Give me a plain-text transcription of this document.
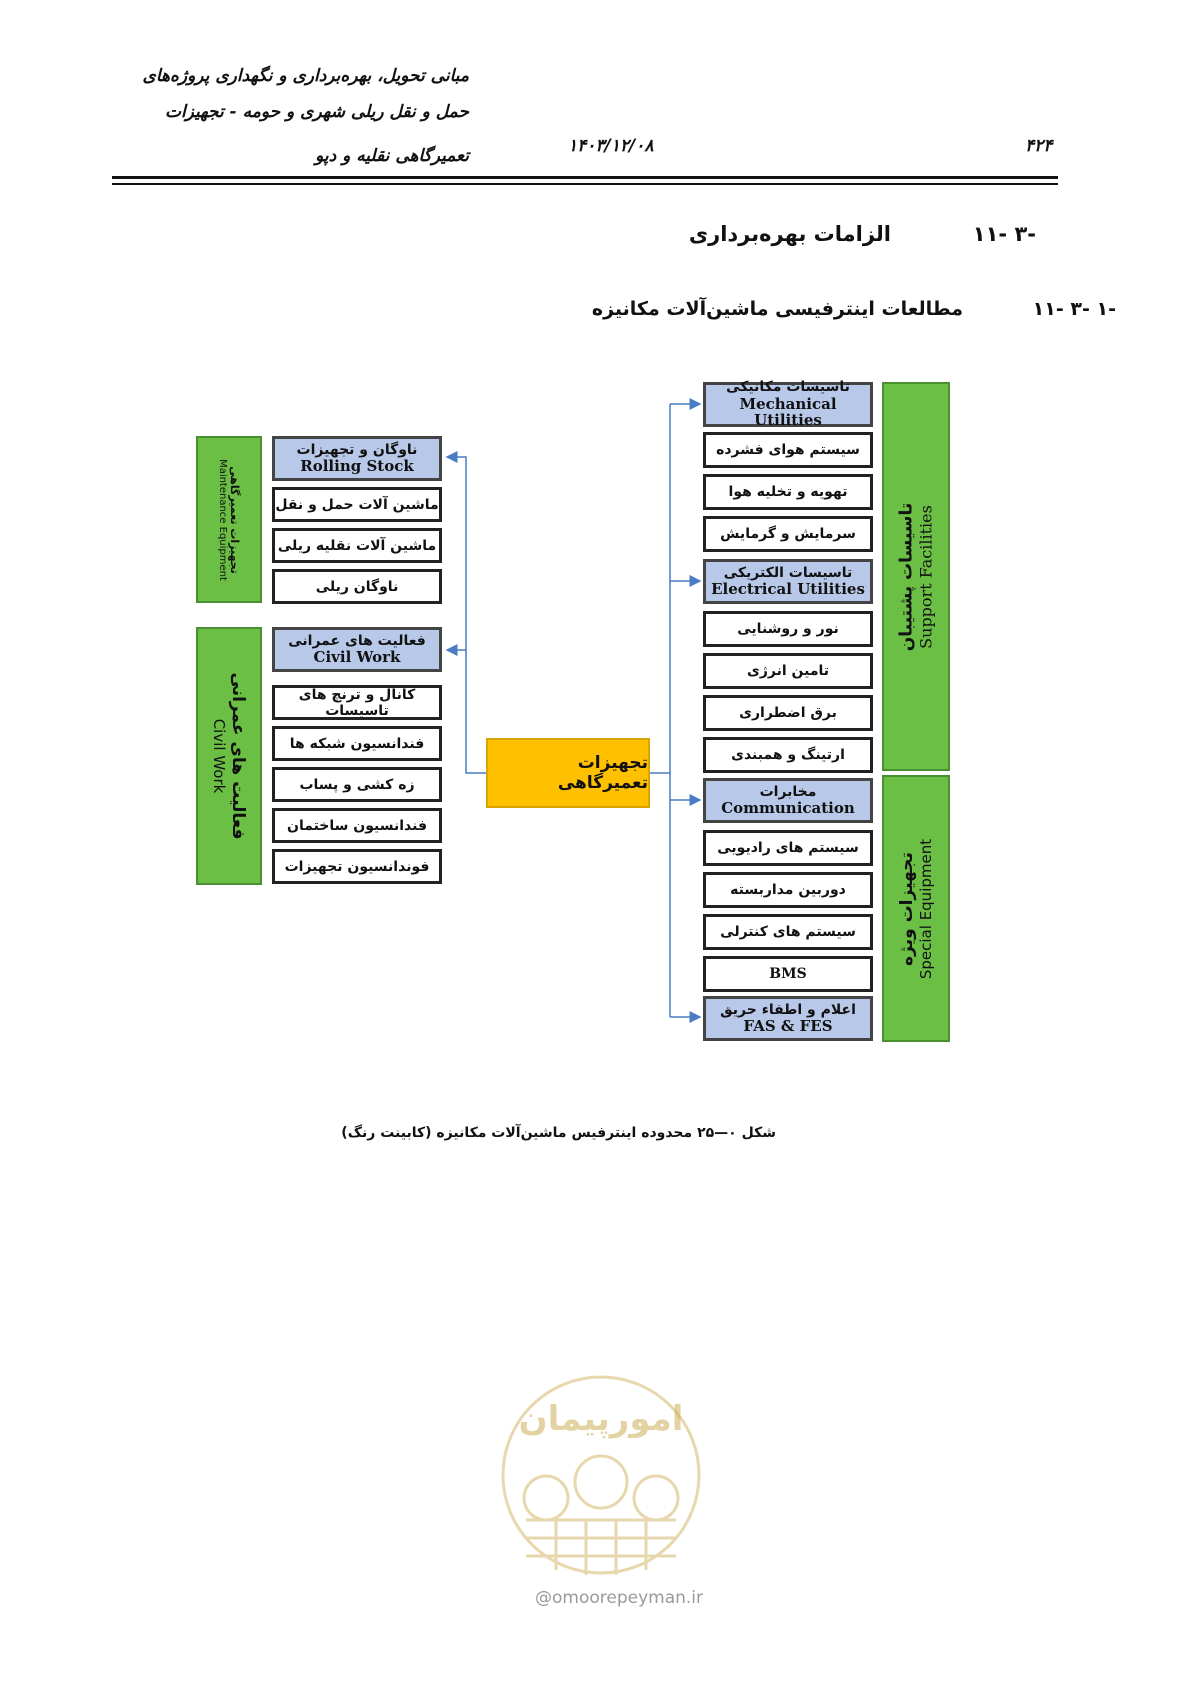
مبانی تحویل، بهره‌برداری و نگهداری پروژه‌های
حمل و نقل ریلی شهری و حومه - تجهیزات
تعمیرگاهی نقلیه و دپو	۱۴۰۳/۱۲/۰۸	۴۲۴
-۳ -۱۱
الزامات بهره‌برداری
-۱ -۳ -۱۱
مطالعات اینترفیسی ماشین‌آلات مکانیزه
تجهیزات تعمیرگاهی
Maintenance Equipment
فعالیت های عمرانی
Civil Work
ناوگان و تجهیزات
Rolling Stock
ماشین آلات حمل و نقل
ماشین آلات نقلیه ریلی
ناوگان ریلی
فعالیت های عمرانی
Civil Work
کانال و ترنچ های تاسیسات
فندانسیون شبکه ها
زه کشی و پساب
فندانسیون ساختمان
فوندانسیون تجهیزات
تجهیزات تعمیرگاهی
تاسیسات مکانیکی
Mechanical Utilities
سیستم هوای فشرده
تهویه و تخلیه هوا
سرمایش و گرمایش
تاسیسات الکتریکی
Electrical Utilities
نور و روشنایی
تامین انرژی
برق اضطراری
ارتینگ و همبندی
مخابرات
Communication
سیستم های رادیویی
دوربین مداربسته
سیستم های کنترلی
BMS
اعلام و اطفاء حریق
FAS & FES
تاسیسات پشتیبان Support Facilities
تجهیزات ویژه Special Equipment
شکل ۰—۲۵ محدوده اینترفیس ماشین‌آلات مکانیزه (کابینت رنگ)
امورپیمان
@omoorepeyman.ir
